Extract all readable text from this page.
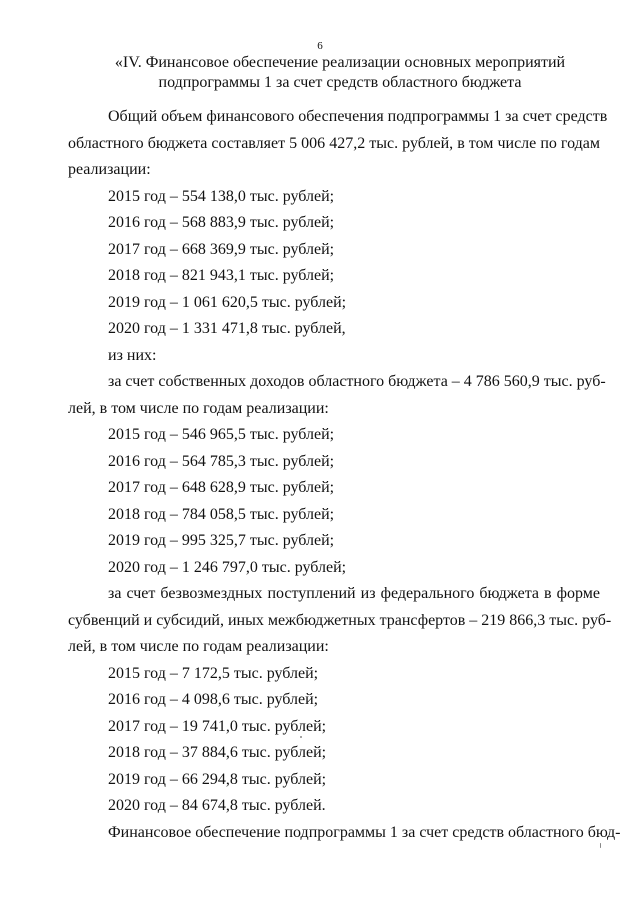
6
«IV. Финансовое обеспечение реализации основных мероприятий
подпрограммы 1 за счет средств областного бюджета
Общий объем финансового обеспечения подпрограммы 1 за счет средств
областного бюджета составляет 5 006 427,2 тыс. рублей, в том числе по годам
реализации:
2015 год – 554 138,0 тыс. рублей;
2016 год – 568 883,9 тыс. рублей;
2017 год – 668 369,9 тыс. рублей;
2018 год – 821 943,1 тыс. рублей;
2019 год – 1 061 620,5 тыс. рублей;
2020 год – 1 331 471,8 тыс. рублей,
из них:
за счет собственных доходов областного бюджета – 4 786 560,9 тыс. руб-
лей, в том числе по годам реализации:
2015 год – 546 965,5 тыс. рублей;
2016 год – 564 785,3 тыс. рублей;
2017 год – 648 628,9 тыс. рублей;
2018 год – 784 058,5 тыс. рублей;
2019 год – 995 325,7 тыс. рублей;
2020 год – 1 246 797,0 тыс. рублей;
за счет безвозмездных поступлений из федерального бюджета в форме
субвенций и субсидий, иных межбюджетных трансфертов – 219 866,3 тыс. руб-
лей, в том числе по годам реализации:
2015 год – 7 172,5 тыс. рублей;
2016 год – 4 098,6 тыс. рублей;
2017 год – 19 741,0 тыс. рублей;
2018 год – 37 884,6 тыс. рублей;
2019 год – 66 294,8 тыс. рублей;
2020 год – 84 674,8 тыс. рублей.
Финансовое обеспечение подпрограммы 1 за счет средств областного бюд-
